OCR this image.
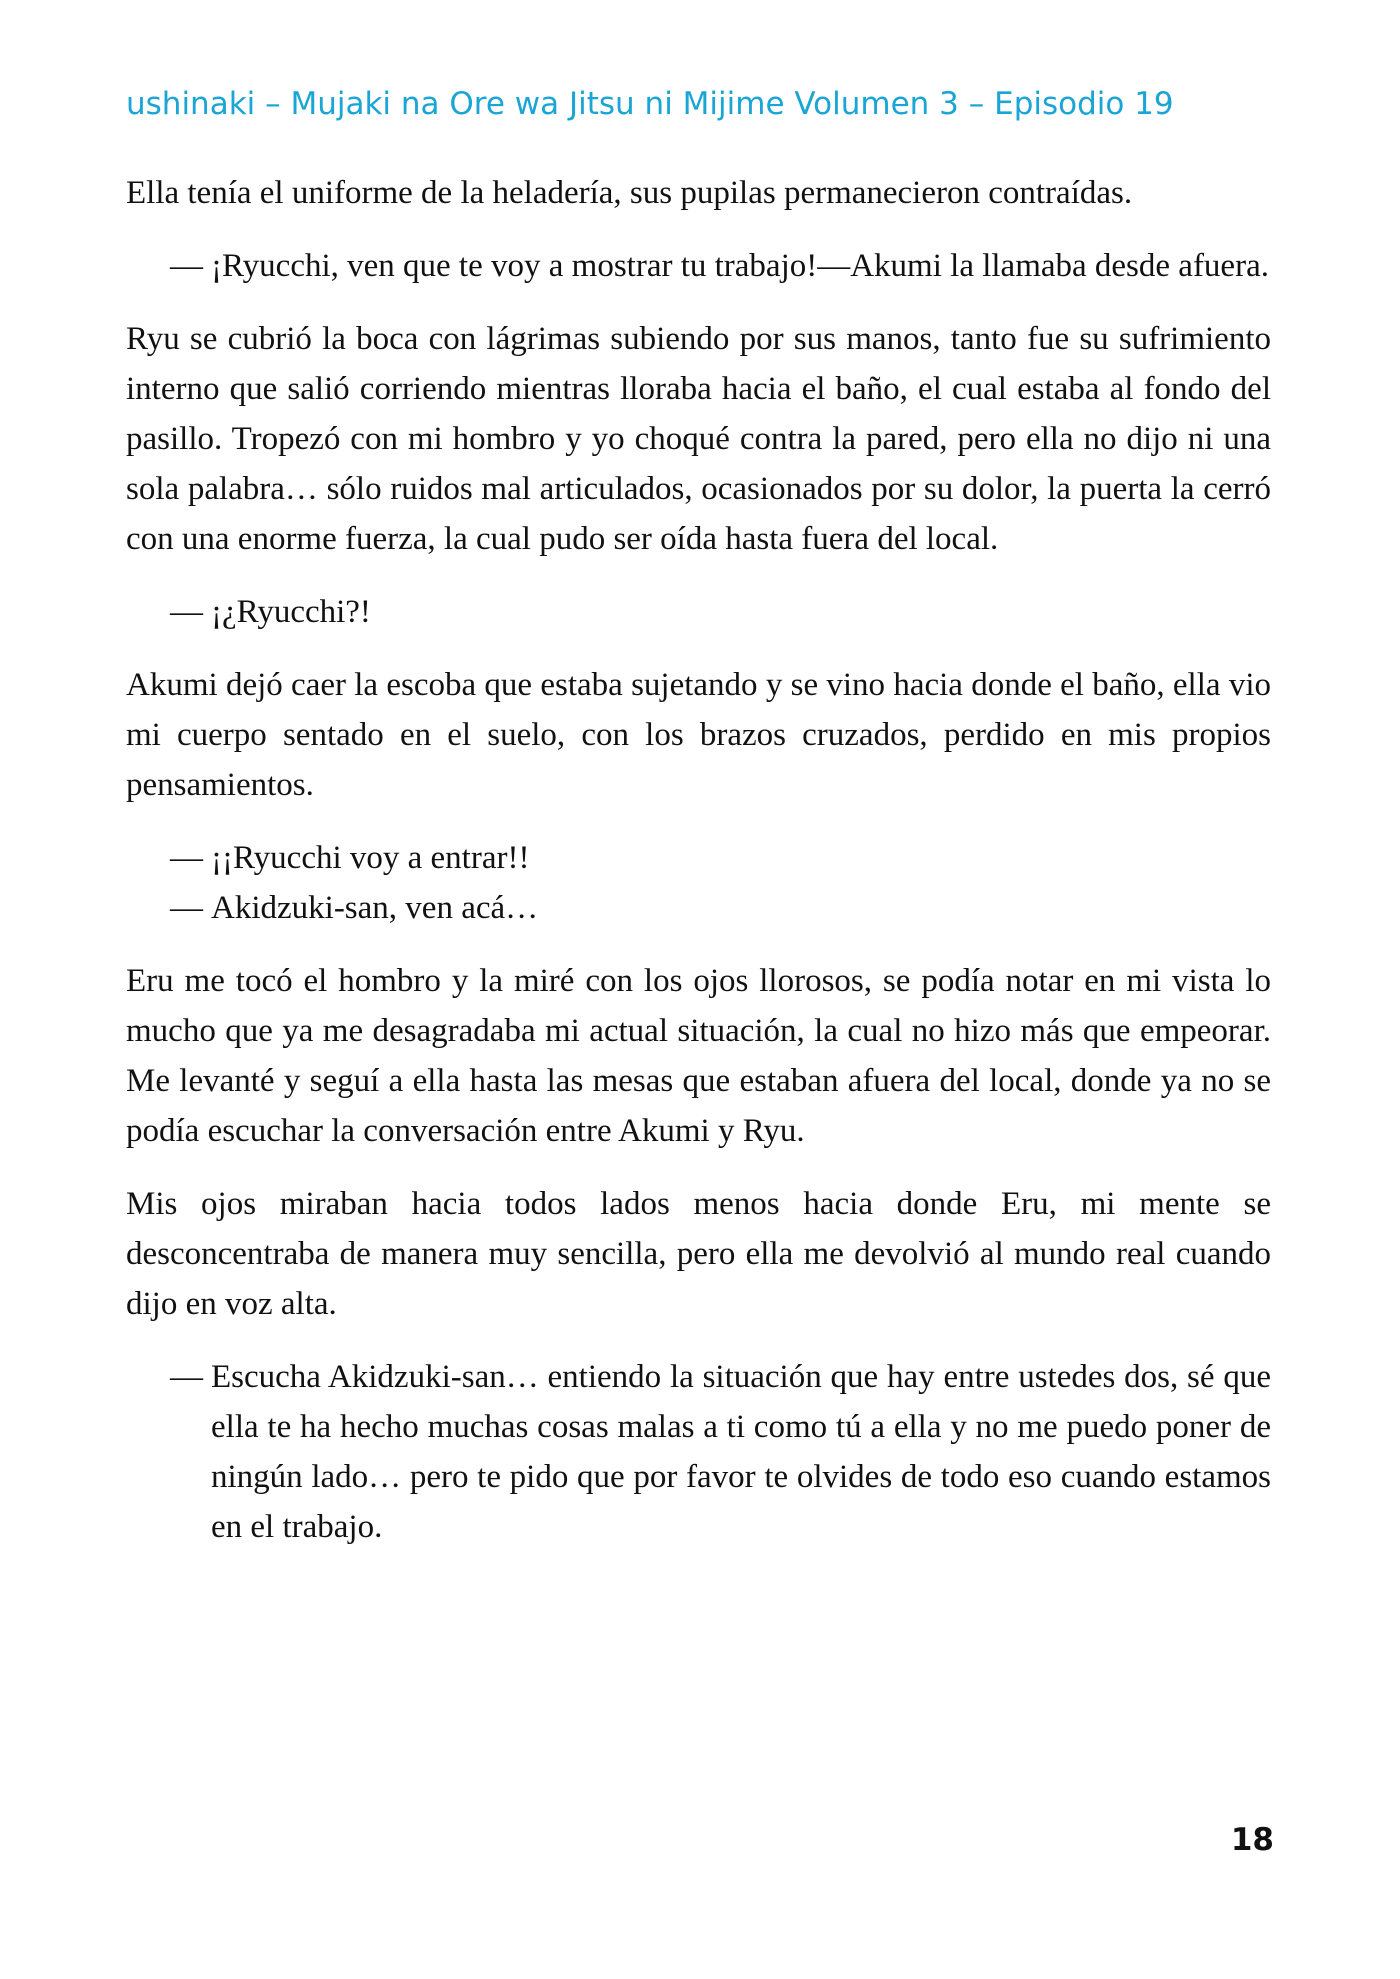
ushinaki – Mujaki na Ore wa Jitsu ni Mijime Volumen 3 – Episodio 19

Ella tenía el uniforme de la heladería, sus pupilas permanecieron contraídas.

— ¡Ryucchi, ven que te voy a mostrar tu trabajo!—Akumi la llamaba desde afuera.

Ryu se cubrió la boca con lágrimas subiendo por sus manos, tanto fue su sufrimiento interno que salió corriendo mientras lloraba hacia el baño, el cual estaba al fondo del pasillo. Tropezó con mi hombro y yo choqué contra la pared, pero ella no dijo ni una sola palabra… sólo ruidos mal articulados, ocasionados por su dolor, la puerta la cerró con una enorme fuerza, la cual pudo ser oída hasta fuera del local.

— ¡¿Ryucchi?!

Akumi dejó caer la escoba que estaba sujetando y se vino hacia donde el baño, ella vio mi cuerpo sentado en el suelo, con los brazos cruzados, perdido en mis propios pensamientos.

— ¡¡Ryucchi voy a entrar!!

— Akidzuki-san, ven acá…

Eru me tocó el hombro y la miré con los ojos llorosos, se podía notar en mi vista lo mucho que ya me desagradaba mi actual situación, la cual no hizo más que empeorar. Me levanté y seguí a ella hasta las mesas que estaban afuera del local, donde ya no se podía escuchar la conversación entre Akumi y Ryu.

Mis ojos miraban hacia todos lados menos hacia donde Eru, mi mente se desconcentraba de manera muy sencilla, pero ella me devolvió al mundo real cuando dijo en voz alta.

— Escucha Akidzuki-san… entiendo la situación que hay entre ustedes dos, sé que ella te ha hecho muchas cosas malas a ti como tú a ella y no me puedo poner de ningún lado… pero te pido que por favor te olvides de todo eso cuando estamos en el trabajo.

18
